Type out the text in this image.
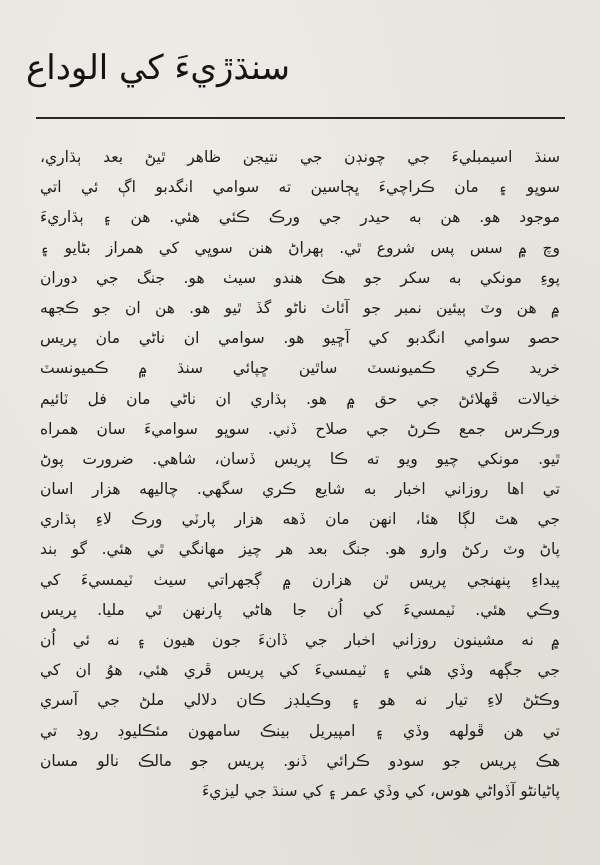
سنڌڙيءَ کي الوداع
سنڌ اسيمبليءَ جي چونڊن جي نتيجن ظاهر ٿيڻ بعد ٻڌاري،
سوڀو ۽ مان ڪراچيءَ ڀڄاسين ته سوامي انگدبو اڳ ئي اتي
موجود هو. هن به حيدر جي ورڪ ڪئي هئي. هن ۽ ٻڌاريءَ
وچ ۾ سس پس شروع ٿي. ٻهراڻ هنن سوڀي کي همراز بڻايو ۽
پوءِ مونکي به سکر جو هڪ هندو سيٺ هو. جنگ جي دوران
۾ هن وٽ ٻيئين نمبر جو آئاٺ ناڻو گڏ ٿيو هو. هن ان جو ڪجهه
حصو سوامي انگدبو کي آڇيو هو. سوامي ان ناڻي مان پريس
خريد ڪري ڪميونسٽ ساٿين ڇپائي سنڌ ۾ ڪميونسٽ
خيالات ڦهلائڻ جي حق ۾ هو. ٻڌاري ان ناڻي مان فل ٽائيم
ورڪرس جمع ڪرڻ جي صلاح ڏني. سوڀو سواميءَ سان همراه
ٿيو. مونکي چيو ويو ته ڪا پريس ڏسان، شاهي. ضرورت پوڻ
تي اها روزاني اخبار به شايع ڪري سگهي. چاليهه هزار اسان
جي هٿ لڳا هئا، انهن مان ڏهه هزار پارٽي ورڪ لاءِ ٻڌاري
پاڻ وٽ رکڻ وارو هو. جنگ بعد هر چيز مهانگي ٿي هئي. گو بند
پيداءِ پنهنجي پريس ٿن هزارن ۾ ڳجهراتي سيٺ ٽيمسيءَ کي
وڪي هئي. ٽيمسيءَ کي اُن جا هاڻي پارنهن ٿي مليا. پريس
۾ نه مشينون روزاني اخبار جي ڏانءَ جون هيون ۽ نه ئي اُن
جي جڳهه وڏي هئي ۽ ٽيمسيءَ کي پريس ڦري هئي، هوُ ان کي
وڪڻڻ لاءِ تيار نه هو ۽ وڪيلڊز ڪان دلالي ملڻ جي آسري
تي هن ڦولهه وڏي ۽ امپيريل بينڪ سامهون مئڪليوڊ روڊ تي
هڪ پريس جو سودو ڪرائي ڏنو. پريس جو مالڪ نالو مسان
پاڻيانڻو آڏواڻي هوس، کي وڏي عمر ۽ کي سنڌ جي ليزيءَ
